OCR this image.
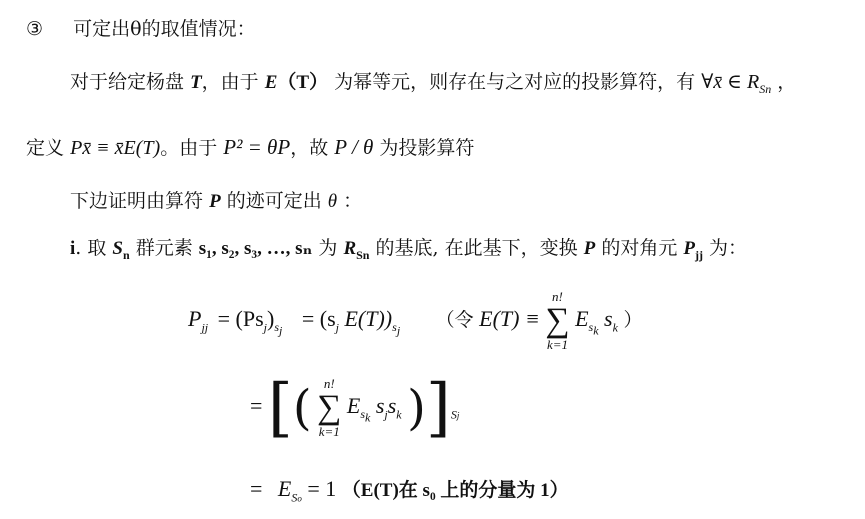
③ 可定出θ的取值情况：
对于给定杨盘 T，由于 E（T） 为幂等元，则存在与之对应的投影算符，有 ∀x̄ ∈ $R_{Sn}$ ，
定义 Px̄ ≡ x̄E(T)。由于 P² = θP，故 P / θ 为投影算符
下边证明由算符 P 的迹可定出 θ ：
i. 取 $S_n$ 群元素 s₁, s₂, s₃, …, sₙ 为 $R_{Sn}$ 的基底, 在此基下，变换 P 的对角元 $P_{jj}$ 为：
$P_{jj} = (Ps_j)_{s_j} = (s_j$ $E(T))_{s_j}$ （令 E(T) ≡
n!
∑
k=1
$E_{s_k}$ $s_k$ ）
= [( n!
∑
k=1
$E_{s_k}$ $s_js_k$ )]$_{Sj}$
= $E_{So} = 1$ （E(T)在 s₀ 上的分量为 1）
